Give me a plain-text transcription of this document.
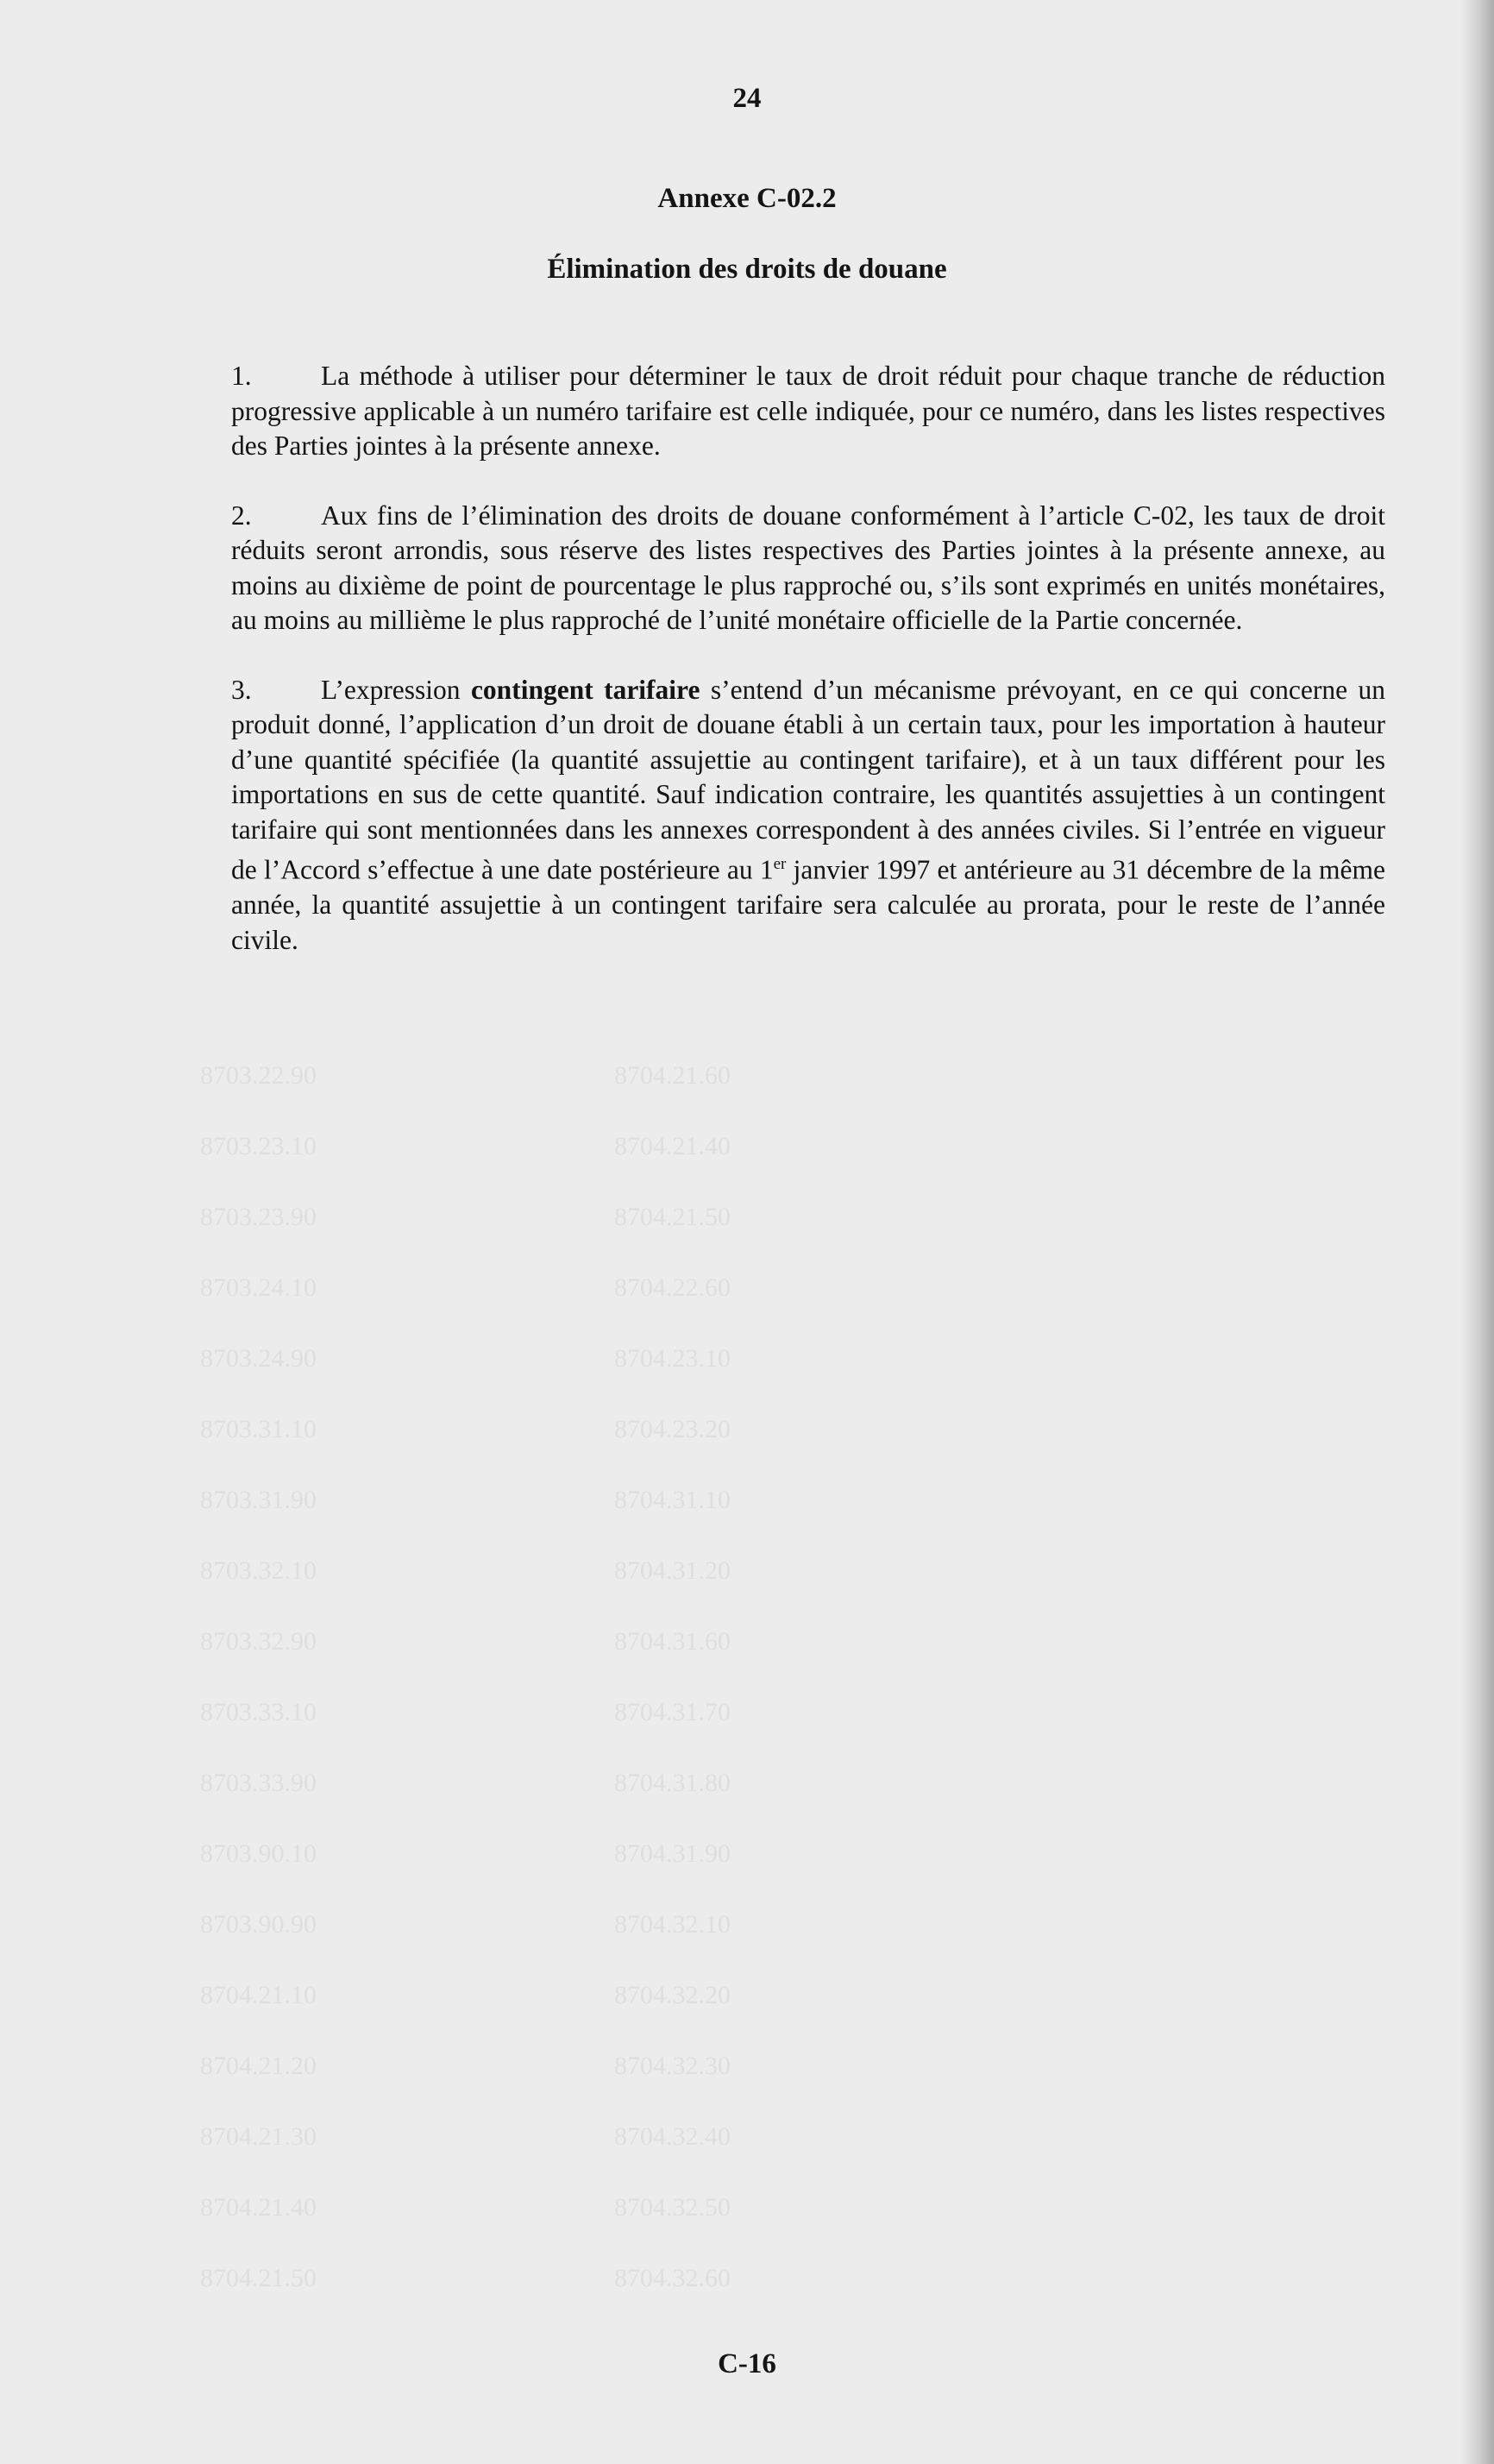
8703.22.90	8704.21.60
8703.23.10	8704.21.40
8703.23.90	8704.21.50
8703.24.10	8704.22.60
8703.24.90	8704.23.10
8703.31.10	8704.23.20
8703.31.90	8704.31.10
8703.32.10	8704.31.20
8703.32.90	8704.31.60
8703.33.10	8704.31.70
8703.33.90	8704.31.80
8703.90.10	8704.31.90
8703.90.90	8704.32.10
8704.21.10	8704.32.20
8704.21.20	8704.32.30
8704.21.30	8704.32.40
8704.21.40	8704.32.50
8704.21.50	8704.32.60
24
Annexe C-02.2
Élimination des droits de douane

1.	La méthode à utiliser pour déterminer le taux de droit réduit pour chaque tranche de réduction progressive applicable à un numéro tarifaire est celle indiquée, pour ce numéro, dans les listes respectives des Parties jointes à la présente annexe.

2.	Aux fins de l’élimination des droits de douane conformément à l’article C-02, les taux de droit réduits seront arrondis, sous réserve des listes respectives des Parties jointes à la présente annexe, au moins au dixième de point de pourcentage le plus rapproché ou, s’ils sont exprimés en unités monétaires, au moins au millième le plus rapproché de l’unité monétaire officielle de la Partie concernée.

3.	L’expression contingent tarifaire s’entend d’un mécanisme prévoyant, en ce qui concerne un produit donné, l’application d’un droit de douane établi à un certain taux, pour les importation à hauteur d’une quantité spécifiée (la quantité assujettie au contingent tarifaire), et à un taux différent pour les importations en sus de cette quantité. Sauf indication contraire, les quantités assujetties à un contingent tarifaire qui sont mentionnées dans les annexes correspondent à des années civiles. Si l’entrée en vigueur de l’Accord s’effectue à une date postérieure au 1er janvier 1997 et antérieure au 31 décembre de la même année, la quantité assujettie à un contingent tarifaire sera calculée au prorata, pour le reste de l’année civile.

C-16
